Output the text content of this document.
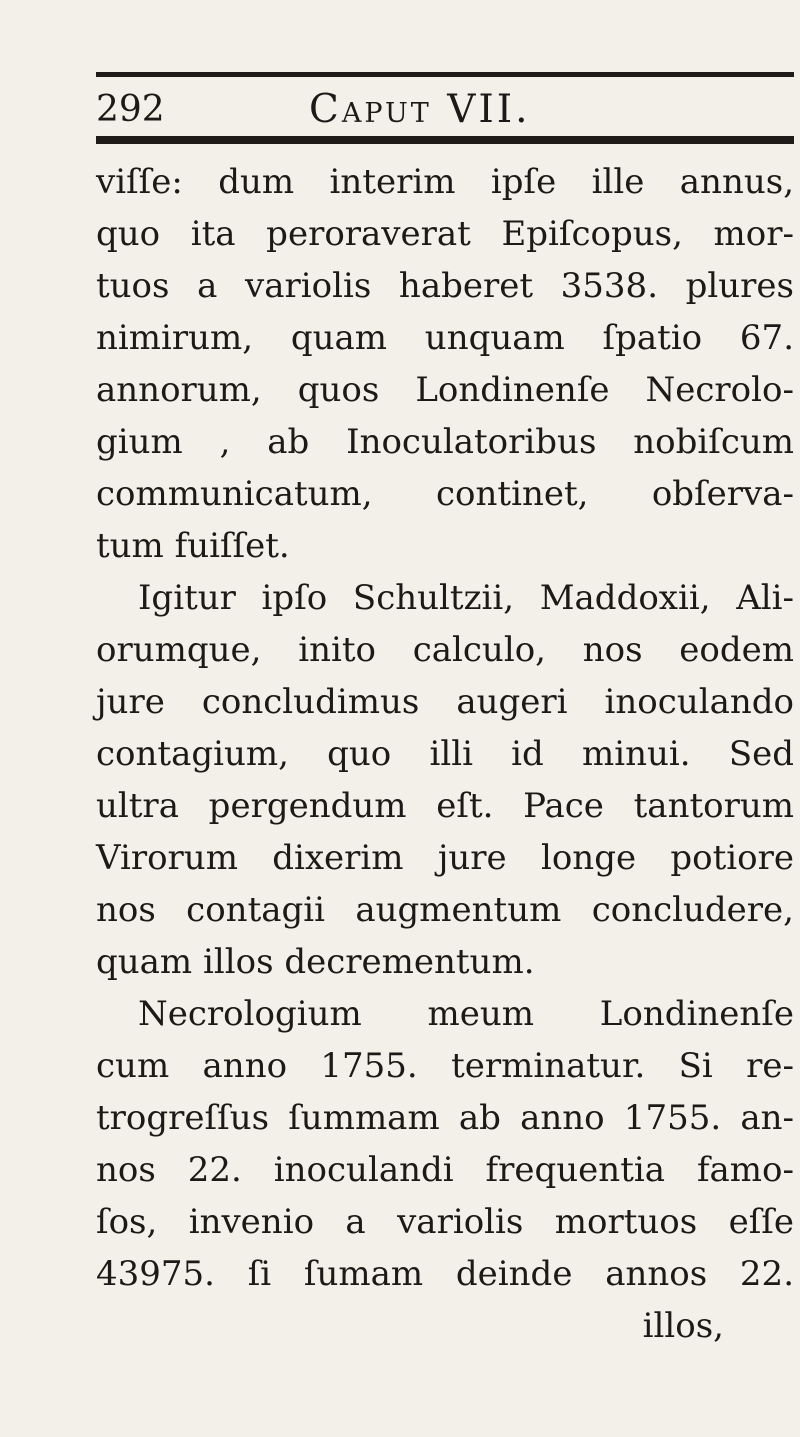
292	Caput VII.
viſſe: dum interim ipſe ille annus,
quo ita peroraverat Epiſcopus, mor-
tuos a variolis haberet 3538. plures
nimirum, quam unquam ſpatio 67.
annorum, quos Londinenſe Necrolo-
gium , ab Inoculatoribus nobiſcum
communicatum, continet, obſerva-
tum fuiſſet.
Igitur ipſo Schultzii, Maddoxii, Ali-
orumque, inito calculo, nos eodem
jure concludimus augeri inoculando
contagium, quo illi id minui. Sed
ultra pergendum eſt. Pace tantorum
Virorum dixerim jure longe potiore
nos contagii augmentum concludere,
quam illos decrementum.
Necrologium meum Londinenſe
cum anno 1755. terminatur. Si re-
trogreſſus ſummam ab anno 1755. an-
nos 22. inoculandi frequentia famo-
ſos, invenio a variolis mortuos eſſe
43975. ſi ſumam deinde annos 22.
illos,
